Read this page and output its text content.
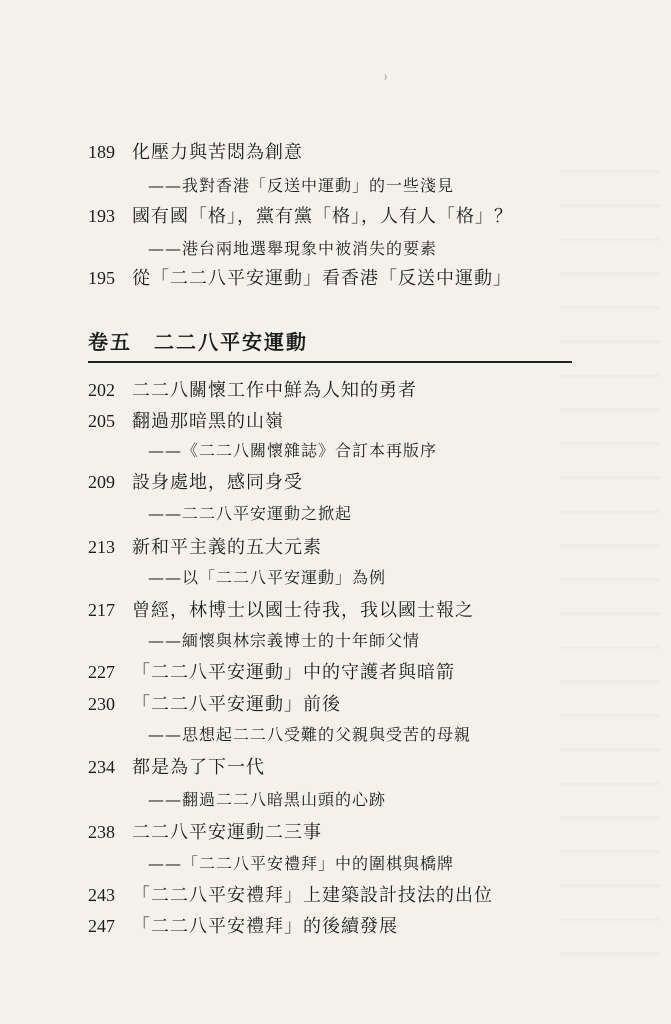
⁾
189 化壓力與苦悶為創意
——我對香港「反送中運動」的一些淺見
193 國有國「格」，黨有黨「格」，人有人「格」？
——港台兩地選舉現象中被消失的要素
195 從「二二八平安運動」看香港「反送中運動」
卷五　二二八平安運動
202 二二八關懷工作中鮮為人知的勇者
205 翻過那暗黑的山嶺
——《二二八關懷雜誌》合訂本再版序
209 設身處地，感同身受
——二二八平安運動之掀起
213 新和平主義的五大元素
——以「二二八平安運動」為例
217 曾經，林博士以國士待我，我以國士報之
——緬懷與林宗義博士的十年師父情
227 「二二八平安運動」中的守護者與暗箭
230 「二二八平安運動」前後
——思想起二二八受難的父親與受苦的母親
234 都是為了下一代
——翻過二二八暗黑山頭的心跡
238 二二八平安運動二三事
——「二二八平安禮拜」中的圍棋與橋牌
243 「二二八平安禮拜」上建築設計技法的出位
247 「二二八平安禮拜」的後續發展
